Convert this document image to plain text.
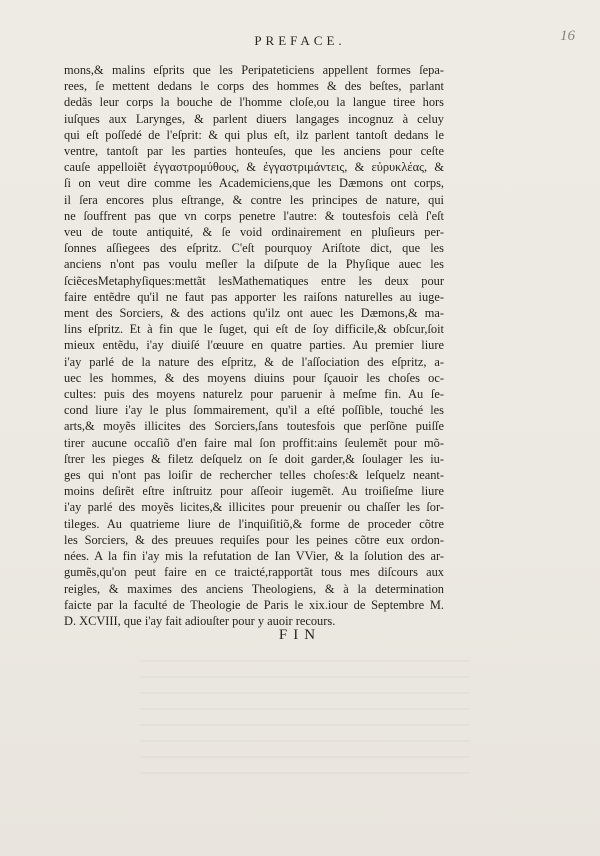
PREFACE.	16
mons,& malins eſprits que les Peripateticiens appellent formes ſepa-
rees, ſe mettent dedans le corps des hommes & des beſtes, parlant
dedãs leur corps la bouche de l'homme cloſe,ou la langue tiree hors
iuſques aux Larynges, & parlent diuers langages incognuz à celuy
qui eſt poſſedé de l'eſprit: & qui plus eſt, ilz parlent tantoſt dedans le
ventre, tantoſt par les parties honteuſes, que les anciens pour ceſte
cauſe appelloiẽt ἐγγαστρομύθους, & ἐγγαστριμάντεις, & εὐρυκλέας, &
ſi on veut dire comme les Academiciens,que les Dæmons ont corps,
il ſera encores plus eſtrange, & contre les principes de nature, qui
ne ſouffrent pas que vn corps penetre l'autre: & toutesfois celà ſ'eſt
veu de toute antiquité, & ſe void ordinairement en pluſieurs per-
ſonnes aſſiegees des eſpritz. C'eſt pourquoy Ariſtote dict, que les
anciens n'ont pas voulu meſler la diſpute de la Phyſique auec les
ſciẽcesMetaphyſiques:mettãt lesMathematiques entre les deux pour
faire entẽdre qu'il ne faut pas apporter les raiſons naturelles au iuge-
ment des Sorciers, & des actions qu'ilz ont auec les Dæmons,& ma-
lins eſpritz. Et à fin que le ſuget, qui eſt de ſoy difficile,& obſcur,ſoit
mieux entẽdu, i'ay diuiſé l'œuure en quatre parties. Au premier liure
i'ay parlé de la nature des eſpritz, & de l'aſſociation des eſpritz, a-
uec les hommes, & des moyens diuins pour ſçauoir les choſes oc-
cultes: puis des moyens naturelz pour paruenir à meſme fin. Au ſe-
cond liure i'ay le plus ſommairement, qu'il a eſté poſſible, touché les
arts,& moyẽs illicites des Sorciers,ſans toutesfois que perſõne puiſſe
tirer aucune occaſiõ d'en faire mal ſon proffit:ains ſeulemẽt pour mõ-
ſtrer les pieges & filetz deſquelz on ſe doit garder,& ſoulager les iu-
ges qui n'ont pas loiſir de rechercher telles choſes:& leſquelz neant-
moins deſirẽt eſtre inſtruitz pour aſſeoir iugemẽt. Au troiſieſme liure
i'ay parlé des moyẽs licites,& illicites pour preuenir ou chaſſer les ſor-
tileges. Au quatrieme liure de l'inquiſitiõ,& forme de proceder cõtre
les Sorciers, & des preuues requiſes pour les peines cõtre eux ordon-
nées. A la fin i'ay mis la refutation de Ian VVier, & la ſolution des ar-
gumẽs,qu'on peut faire en ce traicté,rapportãt tous mes diſcours aux
reigles, & maximes des anciens Theologiens, & à la determination
faicte par la faculté de Theologie de Paris le xix.iour de Septembre M.
D. XCVIII, que i'ay fait adiouſter pour y auoir recours.
FIN
